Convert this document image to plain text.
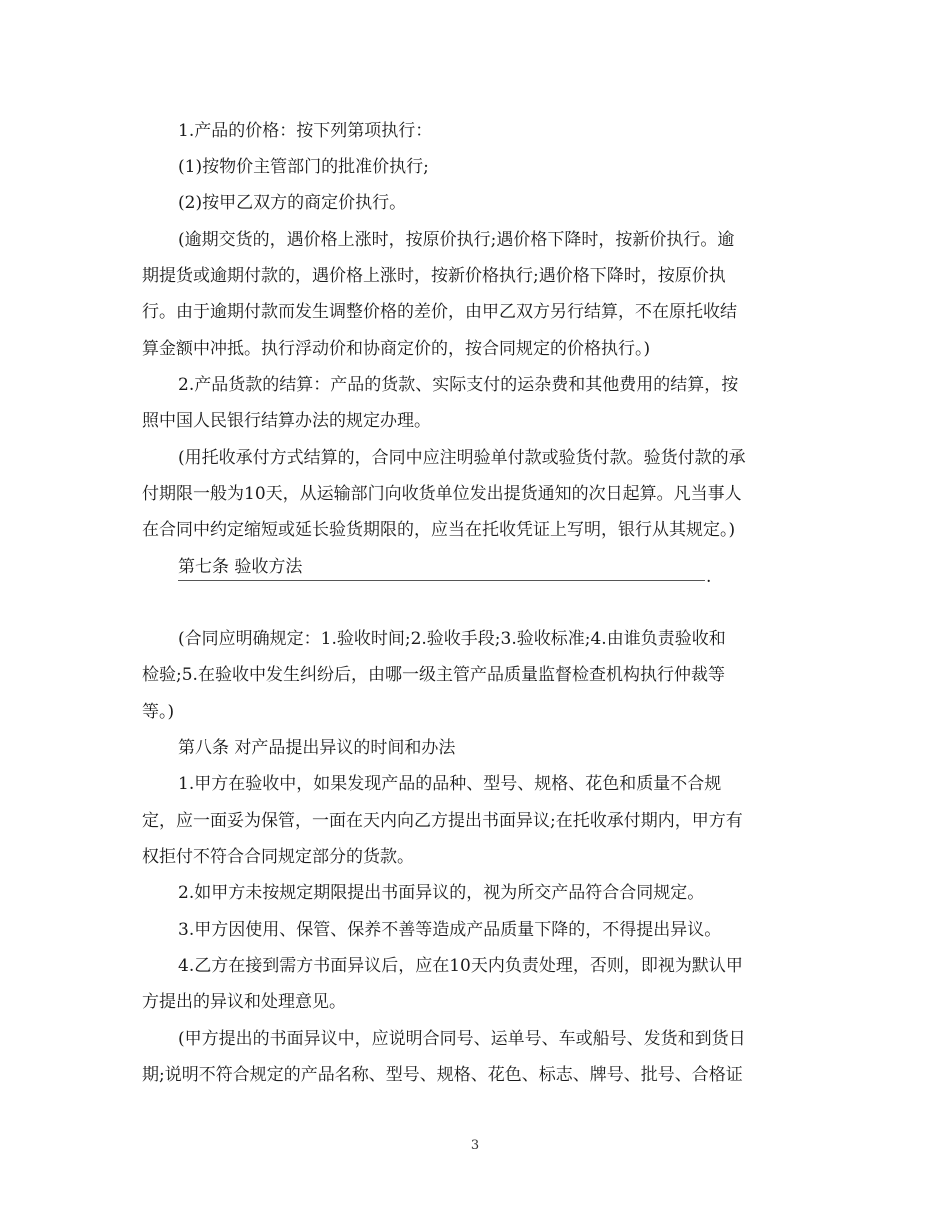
1.产品的价格：按下列第项执行：
(1)按物价主管部门的批准价执行;
(2)按甲乙双方的商定价执行。
(逾期交货的，遇价格上涨时，按原价执行;遇价格下降时，按新价执行。逾
期提货或逾期付款的，遇价格上涨时，按新价格执行;遇价格下降时，按原价执
行。由于逾期付款而发生调整价格的差价，由甲乙双方另行结算，不在原托收结
算金额中冲抵。执行浮动价和协商定价的，按合同规定的价格执行。)
2.产品货款的结算：产品的货款、实际支付的运杂费和其他费用的结算，按
照中国人民银行结算办法的规定办理。
(用托收承付方式结算的，合同中应注明验单付款或验货付款。验货付款的承
付期限一般为10天，从运输部门向收货单位发出提货通知的次日起算。凡当事人
在合同中约定缩短或延长验货期限的，应当在托收凭证上写明，银行从其规定。)
第七条 验收方法	.
(合同应明确规定：1.验收时间;2.验收手段;3.验收标准;4.由谁负责验收和
检验;5.在验收中发生纠纷后，由哪一级主管产品质量监督检查机构执行仲裁等
等。)
第八条 对产品提出异议的时间和办法
1.甲方在验收中，如果发现产品的品种、型号、规格、花色和质量不合规
定，应一面妥为保管，一面在天内向乙方提出书面异议;在托收承付期内，甲方有
权拒付不符合合同规定部分的货款。
2.如甲方未按规定期限提出书面异议的，视为所交产品符合合同规定。
3.甲方因使用、保管、保养不善等造成产品质量下降的，不得提出异议。
4.乙方在接到需方书面异议后，应在10天内负责处理，否则，即视为默认甲
方提出的异议和处理意见。
(甲方提出的书面异议中，应说明合同号、运单号、车或船号、发货和到货日
期;说明不符合规定的产品名称、型号、规格、花色、标志、牌号、批号、合格证
3
